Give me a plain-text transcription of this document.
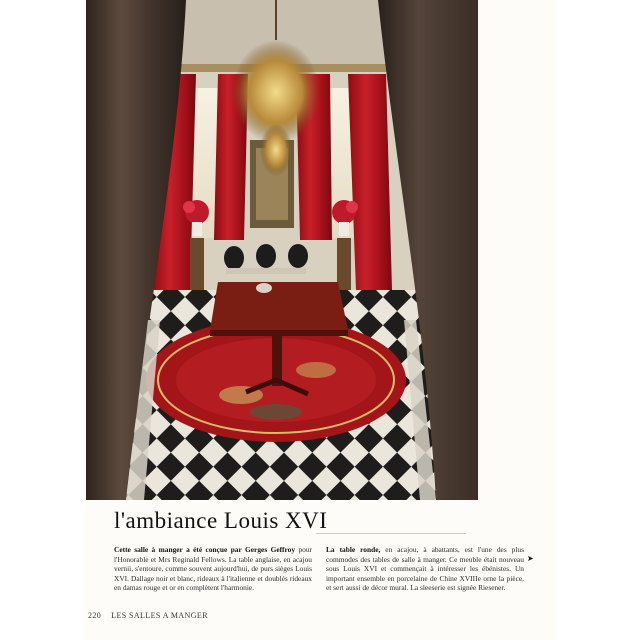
l'ambiance Louis XVI

Cette salle à manger a été conçue par Gerges Geffroy pour l'Honorable et Mrs Reginald Fellows. La table anglaise, en acajou vernii, s'entoure, comme souvent aujourd'hui, de purs sièges Louis XVI. Dallage noir et blanc, rideaux à l'italienne et doublés rideaux en damas rouge et or en complètent l'harmonie.

La table ronde, en acajou, à abattants, est l'une des plus commodes des tables de salle à manger. Ce meuble était nouveau sous Louis XVI et commençait à intéresser les ébénistes. Un important ensemble en porcelaine de Chine XVIIIe orne la pièce, et sert aussi de décor mural. La sleeserie est signée Riesener.

➤
220 LES SALLES A MANGER
